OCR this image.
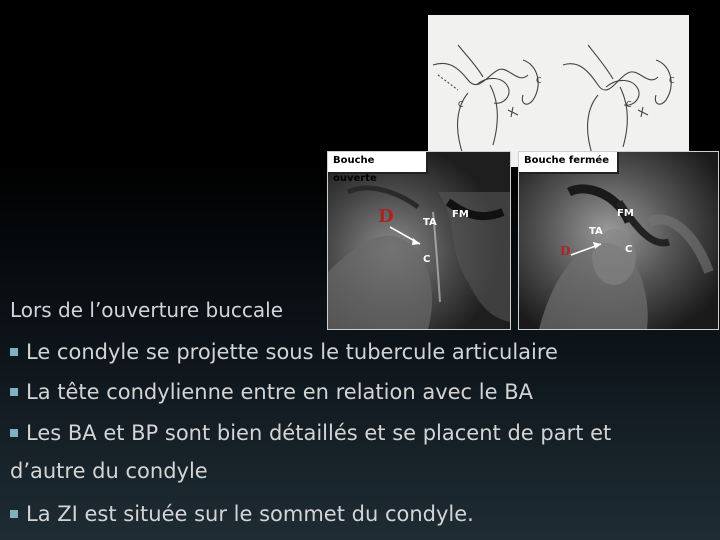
C
C
C
C
Bouche ouverte
D	TA
FM
C
Bouche fermée
D
TA
FM
C
Lors de l’ouverture buccale
Le condyle se projette sous le tubercule articulaire
La tête condylienne entre en relation avec le BA
Les BA et BP sont bien détaillés et se placent de part et
d’autre du condyle
La ZI est située sur le sommet du condyle.
